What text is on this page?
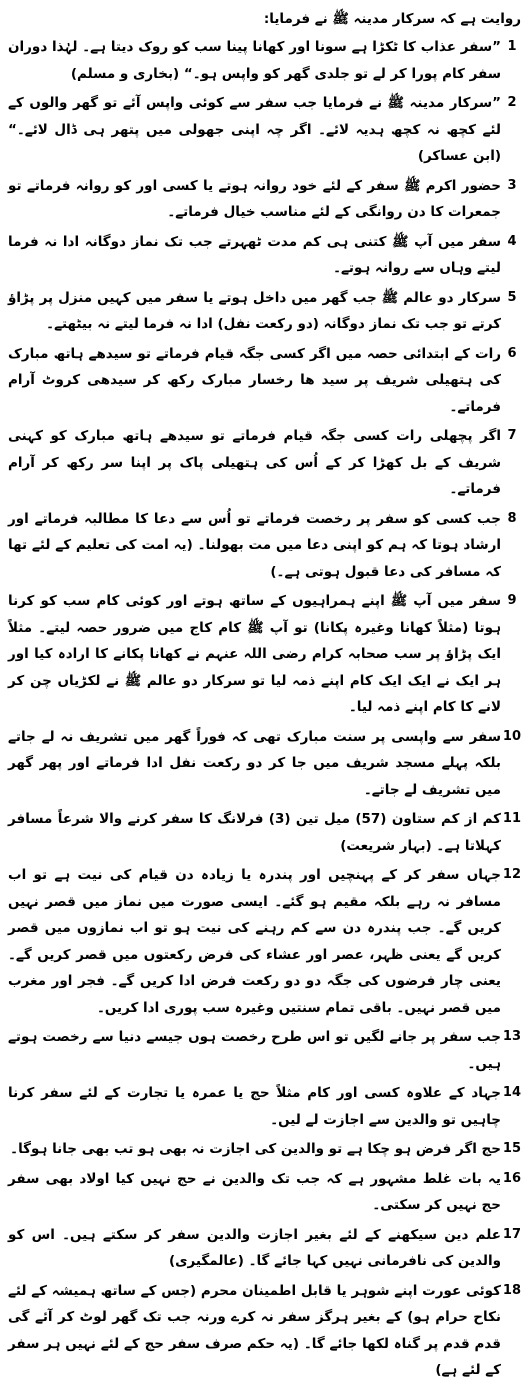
روایت ہے کہ سرکار مدینہ ﷺ نے فرمایا:

1
”سفر عذاب کا ٹکڑا ہے سونا اور کھانا پینا سب کو روک دیتا ہے۔ لہٰذا دوران سفر کام پورا کر لے تو جلدی گھر کو واپس ہو۔“ (بخاری و مسلم)
2
”سرکار مدینہ ﷺ نے فرمایا جب سفر سے کوئی واپس آئے تو گھر والوں کے لئے کچھ نہ کچھ ہدیہ لائے۔ اگر چہ اپنی جھولی میں پتھر ہی ڈال لائے۔“ (ابن عساکر)
3
حضور اکرم ﷺ سفر کے لئے خود روانہ ہوتے یا کسی اور کو روانہ فرماتے تو جمعرات کا دن روانگی کے لئے مناسب خیال فرماتے۔
4
سفر میں آپ ﷺ کتنی ہی کم مدت ٹھہرتے جب تک نماز دوگانہ ادا نہ فرما لیتے وہاں سے روانہ ہوتے۔
5
سرکار دو عالم ﷺ جب گھر میں داخل ہوتے یا سفر میں کہیں منزل پر پڑاؤ کرتے تو جب تک نماز دوگانہ (دو رکعت نفل) ادا نہ فرما لیتے نہ بیٹھتے۔
6
رات کے ابتدائی حصہ میں اگر کسی جگہ قیام فرماتے تو سیدھے ہاتھ مبارک کی ہتھیلی شریف پر سید ھا رخسار مبارک رکھ کر سیدھی کروٹ آرام فرماتے۔
7
اگر پچھلی رات کسی جگہ قیام فرماتے تو سیدھے ہاتھ مبارک کو کہنی شریف کے بل کھڑا کر کے اُس کی ہتھیلی پاک پر اپنا سر رکھ کر آرام فرماتے۔
8
جب کسی کو سفر پر رخصت فرماتے تو اُس سے دعا کا مطالبہ فرماتے اور ارشاد ہوتا کہ ہم کو اپنی دعا میں مت بھولنا۔ (یہ امت کی تعلیم کے لئے تھا کہ مسافر کی دعا قبول ہوتی ہے۔)
9
سفر میں آپ ﷺ اپنے ہمراہیوں کے ساتھ ہوتے اور کوئی کام سب کو کرنا ہوتا (مثلاً کھانا وغیرہ پکانا) تو آپ ﷺ کام کاج میں ضرور حصہ لیتے۔ مثلاً ایک پڑاؤ پر سب صحابہ کرام رضی اللہ عنہم نے کھانا پکانے کا ارادہ کیا اور ہر ایک نے ایک ایک کام اپنے ذمہ لیا تو سرکار دو عالم ﷺ نے لکڑیاں چن کر لانے کا کام اپنے ذمہ لیا۔
10
سفر سے واپسی پر سنت مبارک تھی کہ فوراً گھر میں تشریف نہ لے جاتے بلکہ پہلے مسجد شریف میں جا کر دو رکعت نفل ادا فرماتے اور پھر گھر میں تشریف لے جاتے۔
11
کم از کم ستاون (57) میل تین (3) فرلانگ کا سفر کرنے والا شرعاً مسافر کہلاتا ہے۔ (بہار شریعت)
12
جہاں سفر کر کے پہنچیں اور پندرہ یا زیادہ دن قیام کی نیت ہے تو اب مسافر نہ رہے بلکہ مقیم ہو گئے۔ ایسی صورت میں نماز میں قصر نہیں کریں گے۔ جب پندرہ دن سے کم رہنے کی نیت ہو تو اب نمازوں میں قصر کریں گے یعنی ظہر، عصر اور عشاء کی فرض رکعتوں میں قصر کریں گے۔ یعنی چار فرضوں کی جگہ دو دو رکعت فرض ادا کریں گے۔ فجر اور مغرب میں قصر نہیں۔ باقی تمام سنتیں وغیرہ سب پوری ادا کریں۔
13
جب سفر پر جانے لگیں تو اس طرح رخصت ہوں جیسے دنیا سے رخصت ہوتے ہیں۔
14
جہاد کے علاوہ کسی اور کام مثلاً حج یا عمرہ یا تجارت کے لئے سفر کرنا چاہیں تو والدین سے اجازت لے لیں۔
15
حج اگر فرض ہو چکا ہے تو والدین کی اجازت نہ بھی ہو تب بھی جانا ہوگا۔
16
یہ بات غلط مشہور ہے کہ جب تک والدین نے حج نہیں کیا اولاد بھی سفر حج نہیں کر سکتی۔
17
علم دین سیکھنے کے لئے بغیر اجازت والدین سفر کر سکتے ہیں۔ اس کو والدین کی نافرمانی نہیں کہا جائے گا۔ (عالمگیری)
18
کوئی عورت اپنے شوہر یا قابل اطمینان محرم (جس کے ساتھ ہمیشہ کے لئے نکاح حرام ہو) کے بغیر ہرگز سفر نہ کرے ورنہ جب تک گھر لوٹ کر آئے گی قدم قدم پر گناہ لکھا جائے گا۔ (یہ حکم صرف سفر حج کے لئے نہیں ہر سفر کے لئے ہے)
